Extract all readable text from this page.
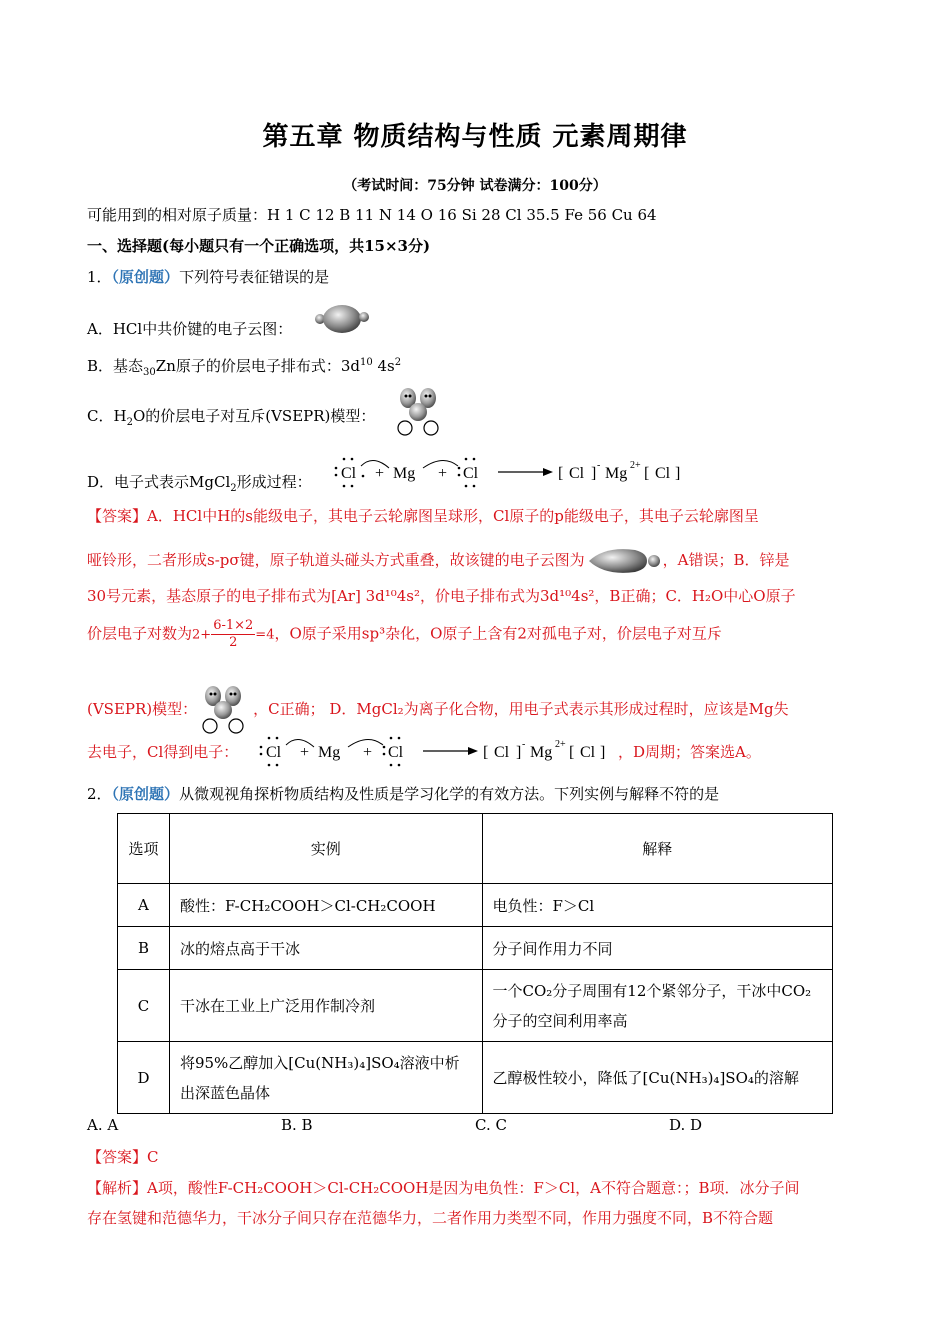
第五章 物质结构与性质 元素周期律
（考试时间：75分钟 试卷满分：100分）
可能用到的相对原子质量：H 1 C 12 B 11 N 14 O 16 Si 28 Cl 35.5 Fe 56 Cu 64
一、选择题(每小题只有一个正确选项，共15×3分)
1．（原创题）下列符号表征错误的是
A．HCl中共价键的电子云图：
B．基态$_{30}$Zn原子的价层电子排布式：$3d^{10}$ $4s^2$
C．$H_2O$的价层电子对互斥(VSEPR)模型：
D．电子式表示MgCl$_2$形成过程： Cl + Mg + Cl	[ Cl ] - Mg 2+ [ Cl ]
【答案】A．HCl中H的s能级电子，其电子云轮廓图呈球形，Cl原子的p能级电子，其电子云轮廓图呈
哑铃形，二者形成s-pσ键，原子轨道头碰头方式重叠，故该键的电子云图为	，A错误；B．锌是
30号元素，基态原子的电子排布式为[Ar] 3d¹⁰4s²，价电子排布式为3d¹⁰4s²，B正确；C．H₂O中心O原子
价层电子对数为$2+ \frac{6-1\times 2}{2} =4$，O原子采用sp³杂化，O原子上含有2对孤电子对，价层电子对互斥
(VSEPR)模型：	，C正确； D．MgCl₂为离子化合物，用电子式表示其形成过程时，应该是Mg失
去电子，Cl得到电子： Cl + Mg + Cl	[ Cl ] - Mg 2+ [ Cl ] ，D周期；答案选A。
2．（原创题）从微观视角探析物质结构及性质是学习化学的有效方法。下列实例与解释不符的是
选项	实例	解释
A	酸性：F-CH₂COOH＞Cl-CH₂COOH	电负性：F＞Cl
B	冰的熔点高于干冰	分子间作用力不同
C	干冰在工业上广泛用作制冷剂	一个CO₂分子周围有12个紧邻分子，干冰中CO₂分子的空间利用率高
D	将95%乙醇加入[Cu(NH₃)₄]SO₄溶液中析出深蓝色晶体	乙醇极性较小，降低了[Cu(NH₃)₄]SO₄的溶解
A. A	B. B	C. C	D. D
【答案】C
【解析】A项，酸性F-CH₂COOH＞Cl-CH₂COOH是因为电负性：F＞Cl，A不符合题意：；B项．冰分子间
存在氢键和范德华力，干冰分子间只存在范德华力，二者作用力类型不同，作用力强度不同，B不符合题
